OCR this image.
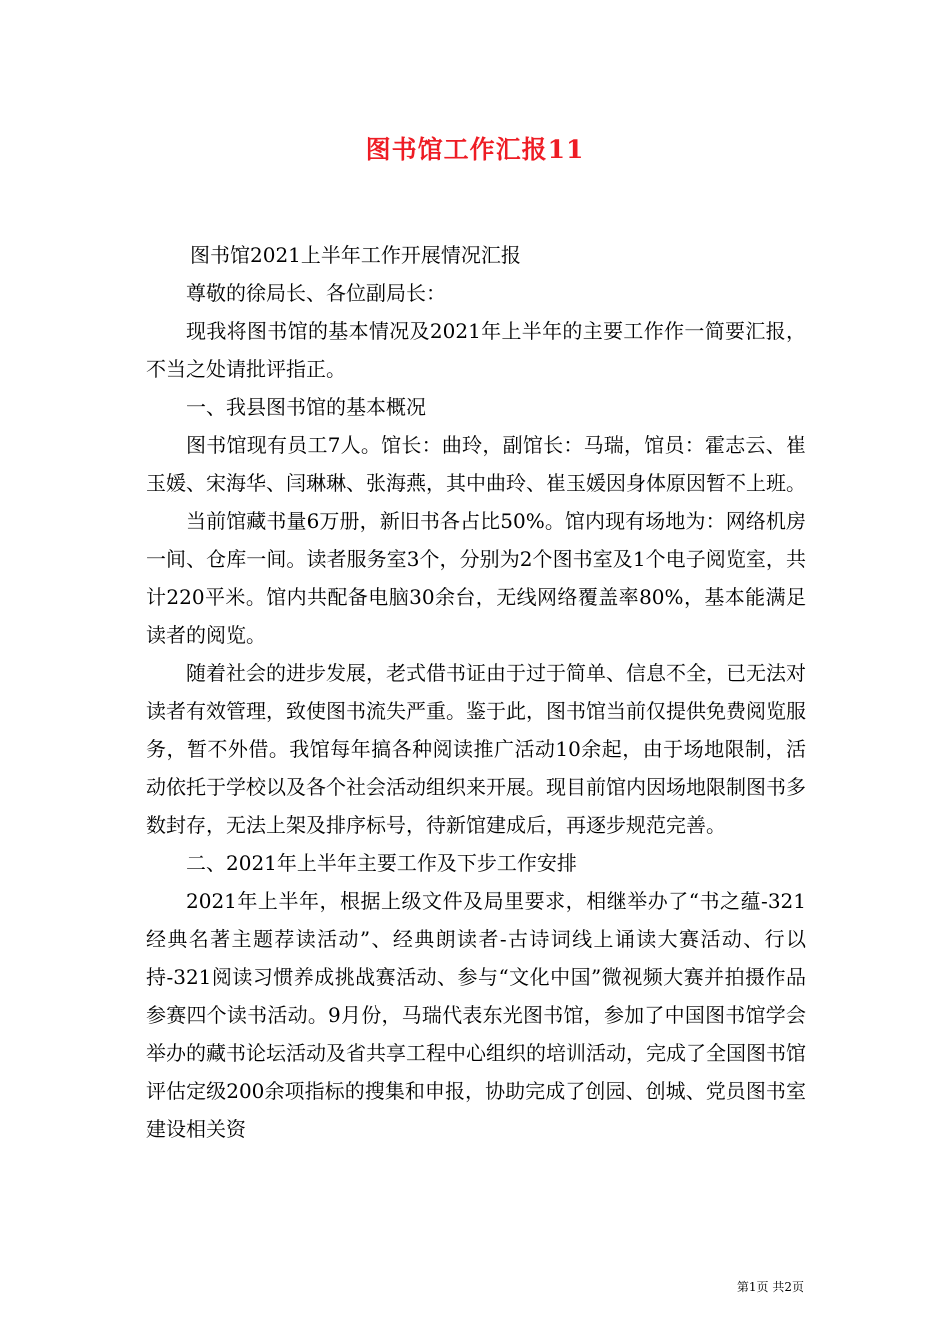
图书馆工作汇报11

图书馆2021上半年工作开展情况汇报

尊敬的徐局长、各位副局长：

现我将图书馆的基本情况及2021年上半年的主要工作作一简要汇报，不当之处请批评指正。

一、我县图书馆的基本概况

图书馆现有员工7人。馆长：曲玲，副馆长：马瑞，馆员：霍志云、崔玉媛、宋海华、闫琳琳、张海燕，其中曲玲、崔玉媛因身体原因暂不上班。

当前馆藏书量6万册，新旧书各占比50%。馆内现有场地为：网络机房一间、仓库一间。读者服务室3个，分别为2个图书室及1个电子阅览室，共计220平米。馆内共配备电脑30余台，无线网络覆盖率80%，基本能满足读者的阅览。

随着社会的进步发展，老式借书证由于过于简单、信息不全，已无法对读者有效管理，致使图书流失严重。鉴于此，图书馆当前仅提供免费阅览服务，暂不外借。我馆每年搞各种阅读推广活动10余起，由于场地限制，活动依托于学校以及各个社会活动组织来开展。现目前馆内因场地限制图书多数封存，无法上架及排序标号，待新馆建成后，再逐步规范完善。

二、2021年上半年主要工作及下步工作安排

2021年上半年，根据上级文件及局里要求，相继举办了“书之蕴-321经典名著主题荐读活动”、经典朗读者-古诗词线上诵读大赛活动、行以持-321阅读习惯养成挑战赛活动、参与“文化中国”微视频大赛并拍摄作品参赛四个读书活动。9月份，马瑞代表东光图书馆，参加了中国图书馆学会举办的藏书论坛活动及省共享工程中心组织的培训活动，完成了全国图书馆评估定级200余项指标的搜集和申报，协助完成了创园、创城、党员图书室建设相关资

第1页 共2页
